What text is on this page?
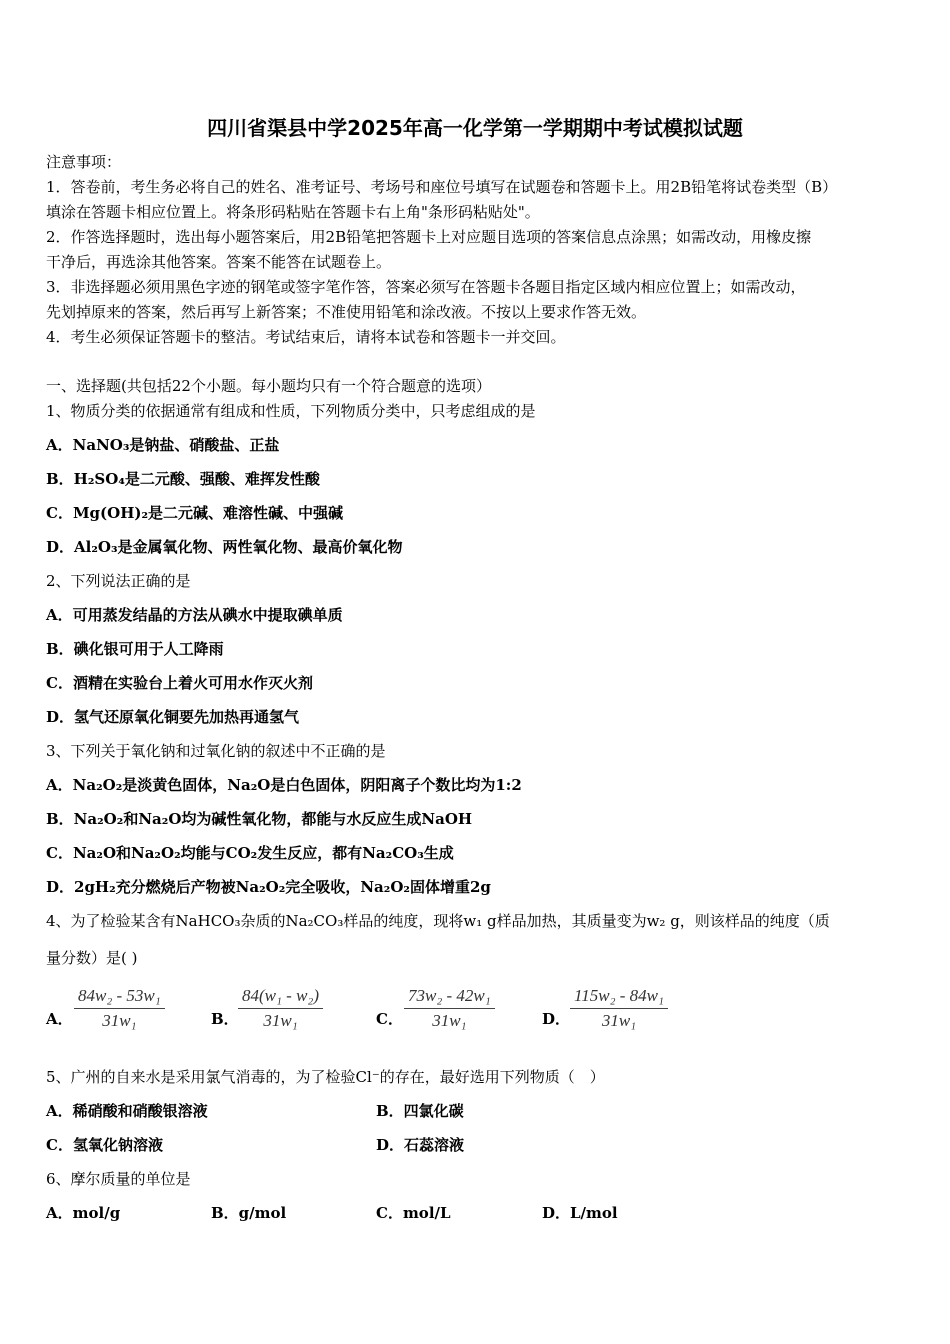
四川省渠县中学2025年高一化学第一学期期中考试模拟试题
注意事项：
1．答卷前，考生务必将自己的姓名、准考证号、考场号和座位号填写在试题卷和答题卡上。用2B铅笔将试卷类型（B）
填涂在答题卡相应位置上。将条形码粘贴在答题卡右上角"条形码粘贴处"。
2．作答选择题时，选出每小题答案后，用2B铅笔把答题卡上对应题目选项的答案信息点涂黑；如需改动，用橡皮擦
干净后，再选涂其他答案。答案不能答在试题卷上。
3．非选择题必须用黑色字迹的钢笔或签字笔作答，答案必须写在答题卡各题目指定区域内相应位置上；如需改动，
先划掉原来的答案，然后再写上新答案；不准使用铅笔和涂改液。不按以上要求作答无效。
4．考生必须保证答题卡的整洁。考试结束后，请将本试卷和答题卡一并交回。
一、选择题(共包括22个小题。每小题均只有一个符合题意的选项）
1、物质分类的依据通常有组成和性质，下列物质分类中，只考虑组成的是
A．NaNO₃是钠盐、硝酸盐、正盐
B．H₂SO₄是二元酸、强酸、难挥发性酸
C．Mg(OH)₂是二元碱、难溶性碱、中强碱
D．Al₂O₃是金属氧化物、两性氧化物、最高价氧化物
2、下列说法正确的是
A．可用蒸发结晶的方法从碘水中提取碘单质
B．碘化银可用于人工降雨
C．酒精在实验台上着火可用水作灭火剂
D．氢气还原氧化铜要先加热再通氢气
3、下列关于氧化钠和过氧化钠的叙述中不正确的是
A．Na₂O₂是淡黄色固体，Na₂O是白色固体，阴阳离子个数比均为1:2
B．Na₂O₂和Na₂O均为碱性氧化物，都能与水反应生成NaOH
C．Na₂O和Na₂O₂均能与CO₂发生反应，都有Na₂CO₃生成
D．2gH₂充分燃烧后产物被Na₂O₂完全吸收，Na₂O₂固体增重2g
4、为了检验某含有NaHCO₃杂质的Na₂CO₃样品的纯度，现将w₁ g样品加热，其质量变为w₂ g，则该样品的纯度（质
量分数）是( )
A． $\frac{\text{84w₂ - 53w₁}}{\text{31w₁}}$	B． $\frac{\text{84(w₁ - w₂)}}{\text{31w₁}}$	C． $\frac{\text{73w₂ - 42w₁}}{\text{31w₁}}$	D． $\frac{\text{115w₂ - 84w₁}}{\text{31w₁}}$
5、广州的自来水是采用氯气消毒的，为了检验Cl⁻的存在，最好选用下列物质（　）
A．稀硝酸和硝酸银溶液	B．四氯化碳
C．氢氧化钠溶液	D．石蕊溶液
6、摩尔质量的单位是
A．mol/g	B．g/mol	C．mol/L	D．L/mol
